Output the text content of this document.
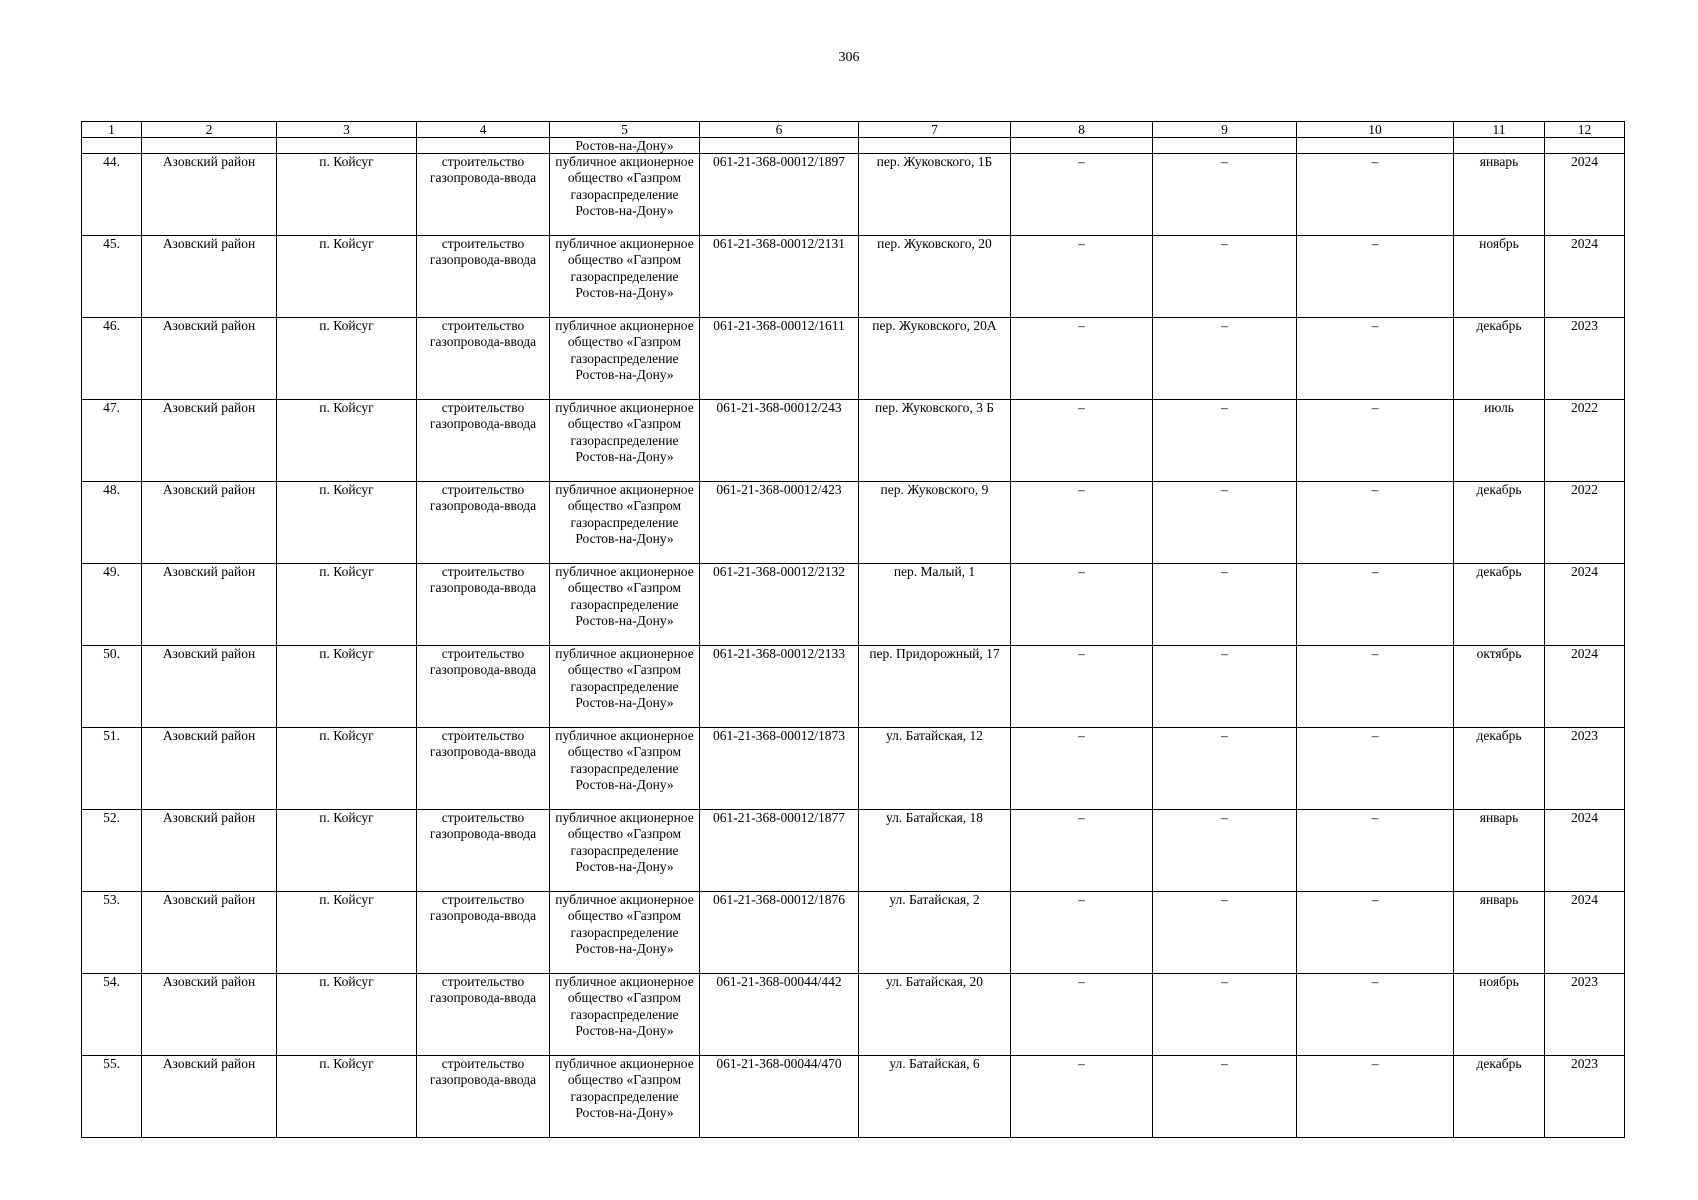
306
1	2	3	4	5	6	7	8	9	10	11	12
				Ростов-на-Дону»							
44.	Азовский район	п. Койсуг	строительство газопровода-ввода	публичное акционерное общество «Газпром газораспределение Ростов-на-Дону»	061-21-368-00012/1897	пер. Жуковского, 1Б	–	–	–	январь	2024
45.	Азовский район	п. Койсуг	строительство газопровода-ввода	публичное акционерное общество «Газпром газораспределение Ростов-на-Дону»	061-21-368-00012/2131	пер. Жуковского, 20	–	–	–	ноябрь	2024
46.	Азовский район	п. Койсуг	строительство газопровода-ввода	публичное акционерное общество «Газпром газораспределение Ростов-на-Дону»	061-21-368-00012/1611	пер. Жуковского, 20А	–	–	–	декабрь	2023
47.	Азовский район	п. Койсуг	строительство газопровода-ввода	публичное акционерное общество «Газпром газораспределение Ростов-на-Дону»	061-21-368-00012/243	пер. Жуковского, 3 Б	–	–	–	июль	2022
48.	Азовский район	п. Койсуг	строительство газопровода-ввода	публичное акционерное общество «Газпром газораспределение Ростов-на-Дону»	061-21-368-00012/423	пер. Жуковского, 9	–	–	–	декабрь	2022
49.	Азовский район	п. Койсуг	строительство газопровода-ввода	публичное акционерное общество «Газпром газораспределение Ростов-на-Дону»	061-21-368-00012/2132	пер. Малый, 1	–	–	–	декабрь	2024
50.	Азовский район	п. Койсуг	строительство газопровода-ввода	публичное акционерное общество «Газпром газораспределение Ростов-на-Дону»	061-21-368-00012/2133	пер. Придорожный, 17	–	–	–	октябрь	2024
51.	Азовский район	п. Койсуг	строительство газопровода-ввода	публичное акционерное общество «Газпром газораспределение Ростов-на-Дону»	061-21-368-00012/1873	ул. Батайская, 12	–	–	–	декабрь	2023
52.	Азовский район	п. Койсуг	строительство газопровода-ввода	публичное акционерное общество «Газпром газораспределение Ростов-на-Дону»	061-21-368-00012/1877	ул. Батайская, 18	–	–	–	январь	2024
53.	Азовский район	п. Койсуг	строительство газопровода-ввода	публичное акционерное общество «Газпром газораспределение Ростов-на-Дону»	061-21-368-00012/1876	ул. Батайская, 2	–	–	–	январь	2024
54.	Азовский район	п. Койсуг	строительство газопровода-ввода	публичное акционерное общество «Газпром газораспределение Ростов-на-Дону»	061-21-368-00044/442	ул. Батайская, 20	–	–	–	ноябрь	2023
55.	Азовский район	п. Койсуг	строительство газопровода-ввода	публичное акционерное общество «Газпром газораспределение Ростов-на-Дону»	061-21-368-00044/470	ул. Батайская, 6	–	–	–	декабрь	2023
